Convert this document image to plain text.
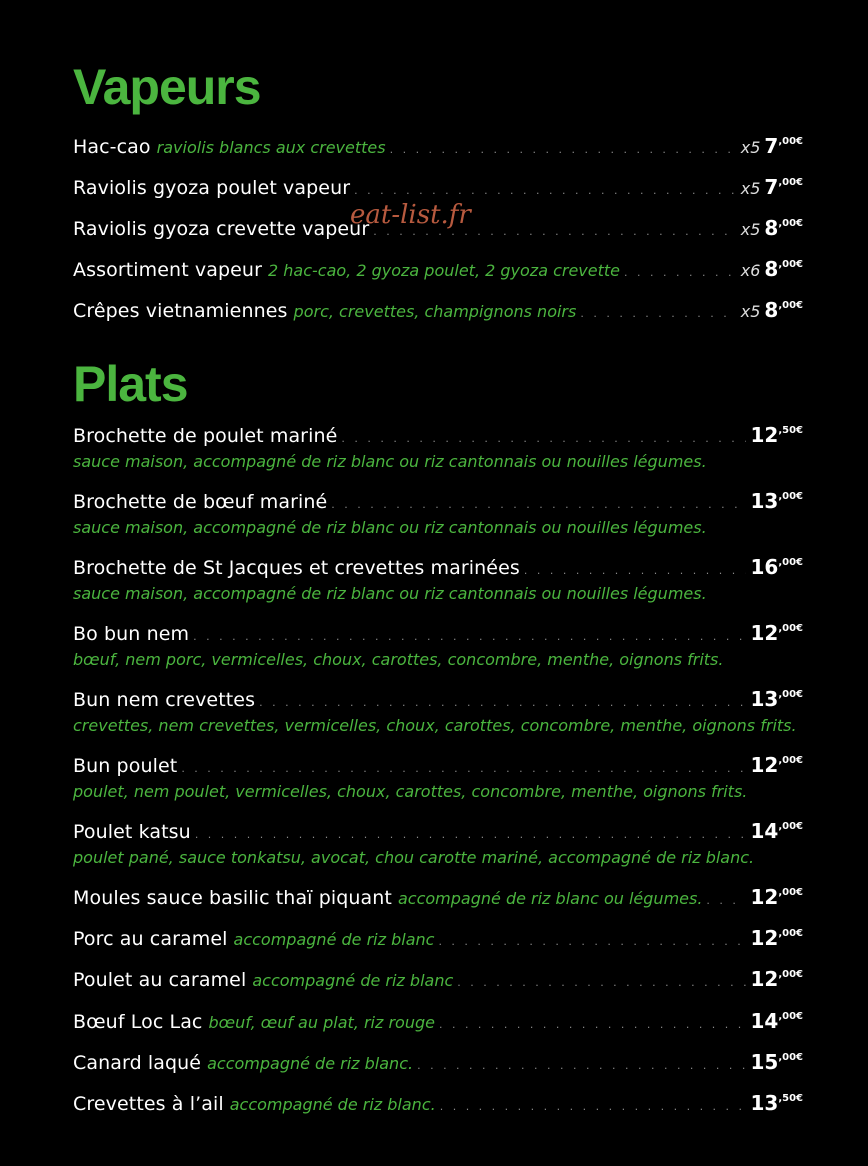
Vapeurs
Hac-cao raviolis blancs aux crevettes . . .	x5 $7^{,00€}$
Raviolis gyoza poulet vapeur . . .	x5 $7^{,00€}$
Raviolis gyoza crevette vapeur . . .	x5 $8^{,00€}$
Assortiment vapeur 2 hac-cao, 2 gyoza poulet, 2 gyoza crevette . . .	x6 $8^{,00€}$
Crêpes vietnamiennes porc, crevettes, champignons noirs . . .	x5 $8^{,00€}$
Plats
Brochette de poulet mariné . . .	$12^{,50€}$
sauce maison, accompagné de riz blanc ou riz cantonnais ou nouilles légumes.
Brochette de bœuf mariné . . .	$13^{,00€}$
sauce maison, accompagné de riz blanc ou riz cantonnais ou nouilles légumes.
Brochette de St Jacques et crevettes marinées . . .	$16^{,00€}$
sauce maison, accompagné de riz blanc ou riz cantonnais ou nouilles légumes.
Bo bun nem . . .	$12^{,00€}$
bœuf, nem porc, vermicelles, choux, carottes, concombre, menthe, oignons frits.
Bun nem crevettes . . .	$13^{,00€}$
crevettes, nem crevettes, vermicelles, choux, carottes, concombre, menthe, oignons frits.
Bun poulet . . .	$12^{,00€}$
poulet, nem poulet, vermicelles, choux, carottes, concombre, menthe, oignons frits.
Poulet katsu . . .	$14^{,00€}$
poulet pané, sauce tonkatsu, avocat, chou carotte mariné, accompagné de riz blanc.
Moules sauce basilic thaï piquant accompagné de riz blanc ou légumes. . . . $12^{,00€}$
Porc au caramel accompagné de riz blanc . . .	$12^{,00€}$
Poulet au caramel accompagné de riz blanc . . .	$12^{,00€}$
Bœuf Loc Lac bœuf, œuf au plat, riz rouge . . .	$14^{,00€}$
Canard laqué accompagné de riz blanc. . . .	$15^{,00€}$
Crevettes à l’ail accompagné de riz blanc. . . .	$13^{,50€}$
eat-list.fr
